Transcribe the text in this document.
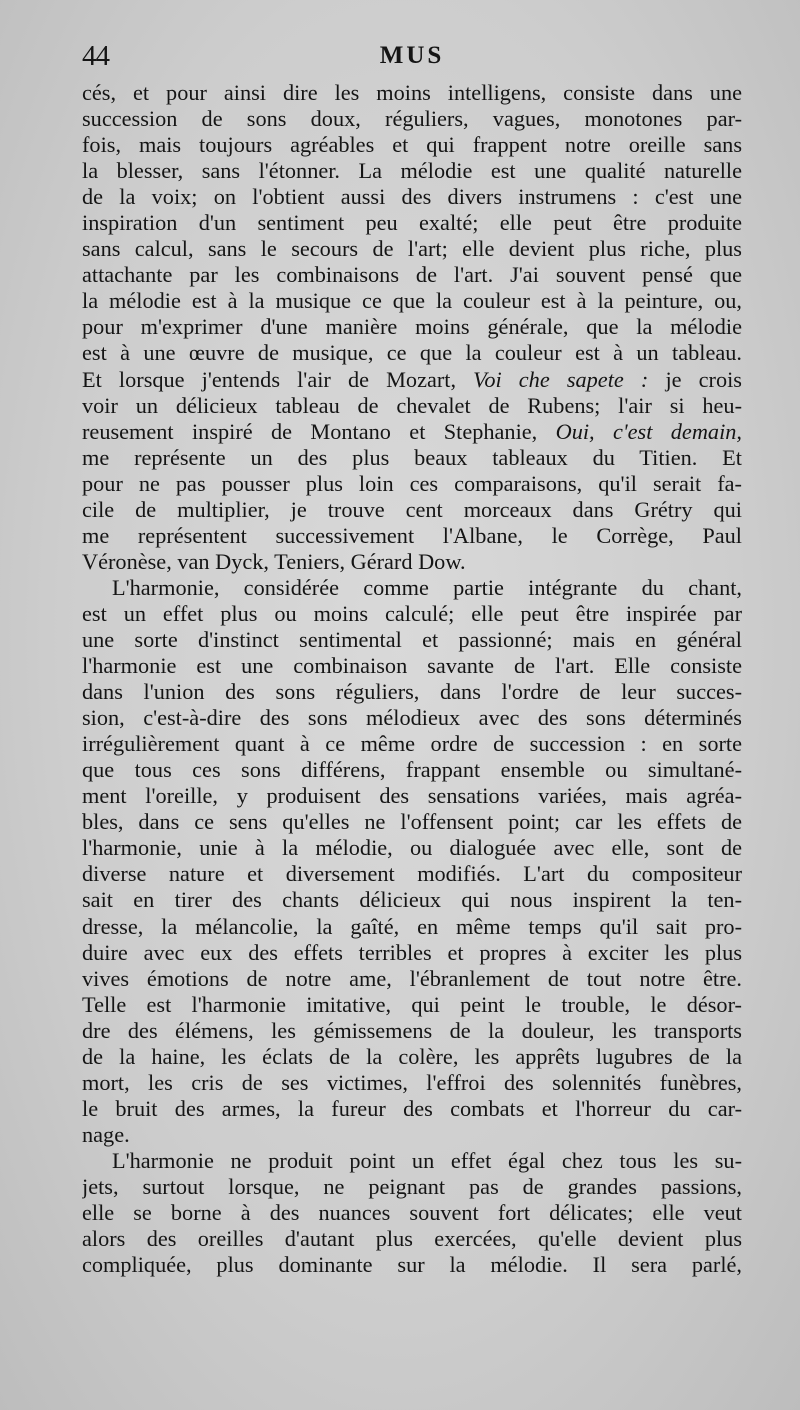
44	MUS
cés, et pour ainsi dire les moins intelligens, consiste dans une
succession de sons doux, réguliers, vagues, monotones par-
fois, mais toujours agréables et qui frappent notre oreille sans
la blesser, sans l'étonner. La mélodie est une qualité naturelle
de la voix; on l'obtient aussi des divers instrumens : c'est une
inspiration d'un sentiment peu exalté; elle peut être produite
sans calcul, sans le secours de l'art; elle devient plus riche, plus
attachante par les combinaisons de l'art. J'ai souvent pensé que
la mélodie est à la musique ce que la couleur est à la peinture, ou,
pour m'exprimer d'une manière moins générale, que la mélodie
est à une œuvre de musique, ce que la couleur est à un tableau.
Et lorsque j'entends l'air de Mozart, Voi che sapete : je crois
voir un délicieux tableau de chevalet de Rubens; l'air si heu-
reusement inspiré de Montano et Stephanie, Oui, c'est demain,
me représente un des plus beaux tableaux du Titien. Et
pour ne pas pousser plus loin ces comparaisons, qu'il serait fa-
cile de multiplier, je trouve cent morceaux dans Grétry qui
me représentent successivement l'Albane, le Corrège, Paul
Véronèse, van Dyck, Teniers, Gérard Dow.
L'harmonie, considérée comme partie intégrante du chant,
est un effet plus ou moins calculé; elle peut être inspirée par
une sorte d'instinct sentimental et passionné; mais en général
l'harmonie est une combinaison savante de l'art. Elle consiste
dans l'union des sons réguliers, dans l'ordre de leur succes-
sion, c'est-à-dire des sons mélodieux avec des sons déterminés
irrégulièrement quant à ce même ordre de succession : en sorte
que tous ces sons différens, frappant ensemble ou simultané-
ment l'oreille, y produisent des sensations variées, mais agréa-
bles, dans ce sens qu'elles ne l'offensent point; car les effets de
l'harmonie, unie à la mélodie, ou dialoguée avec elle, sont de
diverse nature et diversement modifiés. L'art du compositeur
sait en tirer des chants délicieux qui nous inspirent la ten-
dresse, la mélancolie, la gaîté, en même temps qu'il sait pro-
duire avec eux des effets terribles et propres à exciter les plus
vives émotions de notre ame, l'ébranlement de tout notre être.
Telle est l'harmonie imitative, qui peint le trouble, le désor-
dre des élémens, les gémissemens de la douleur, les transports
de la haine, les éclats de la colère, les apprêts lugubres de la
mort, les cris de ses victimes, l'effroi des solennités funèbres,
le bruit des armes, la fureur des combats et l'horreur du car-
nage.
L'harmonie ne produit point un effet égal chez tous les su-
jets, surtout lorsque, ne peignant pas de grandes passions,
elle se borne à des nuances souvent fort délicates; elle veut
alors des oreilles d'autant plus exercées, qu'elle devient plus
compliquée, plus dominante sur la mélodie. Il sera parlé,
